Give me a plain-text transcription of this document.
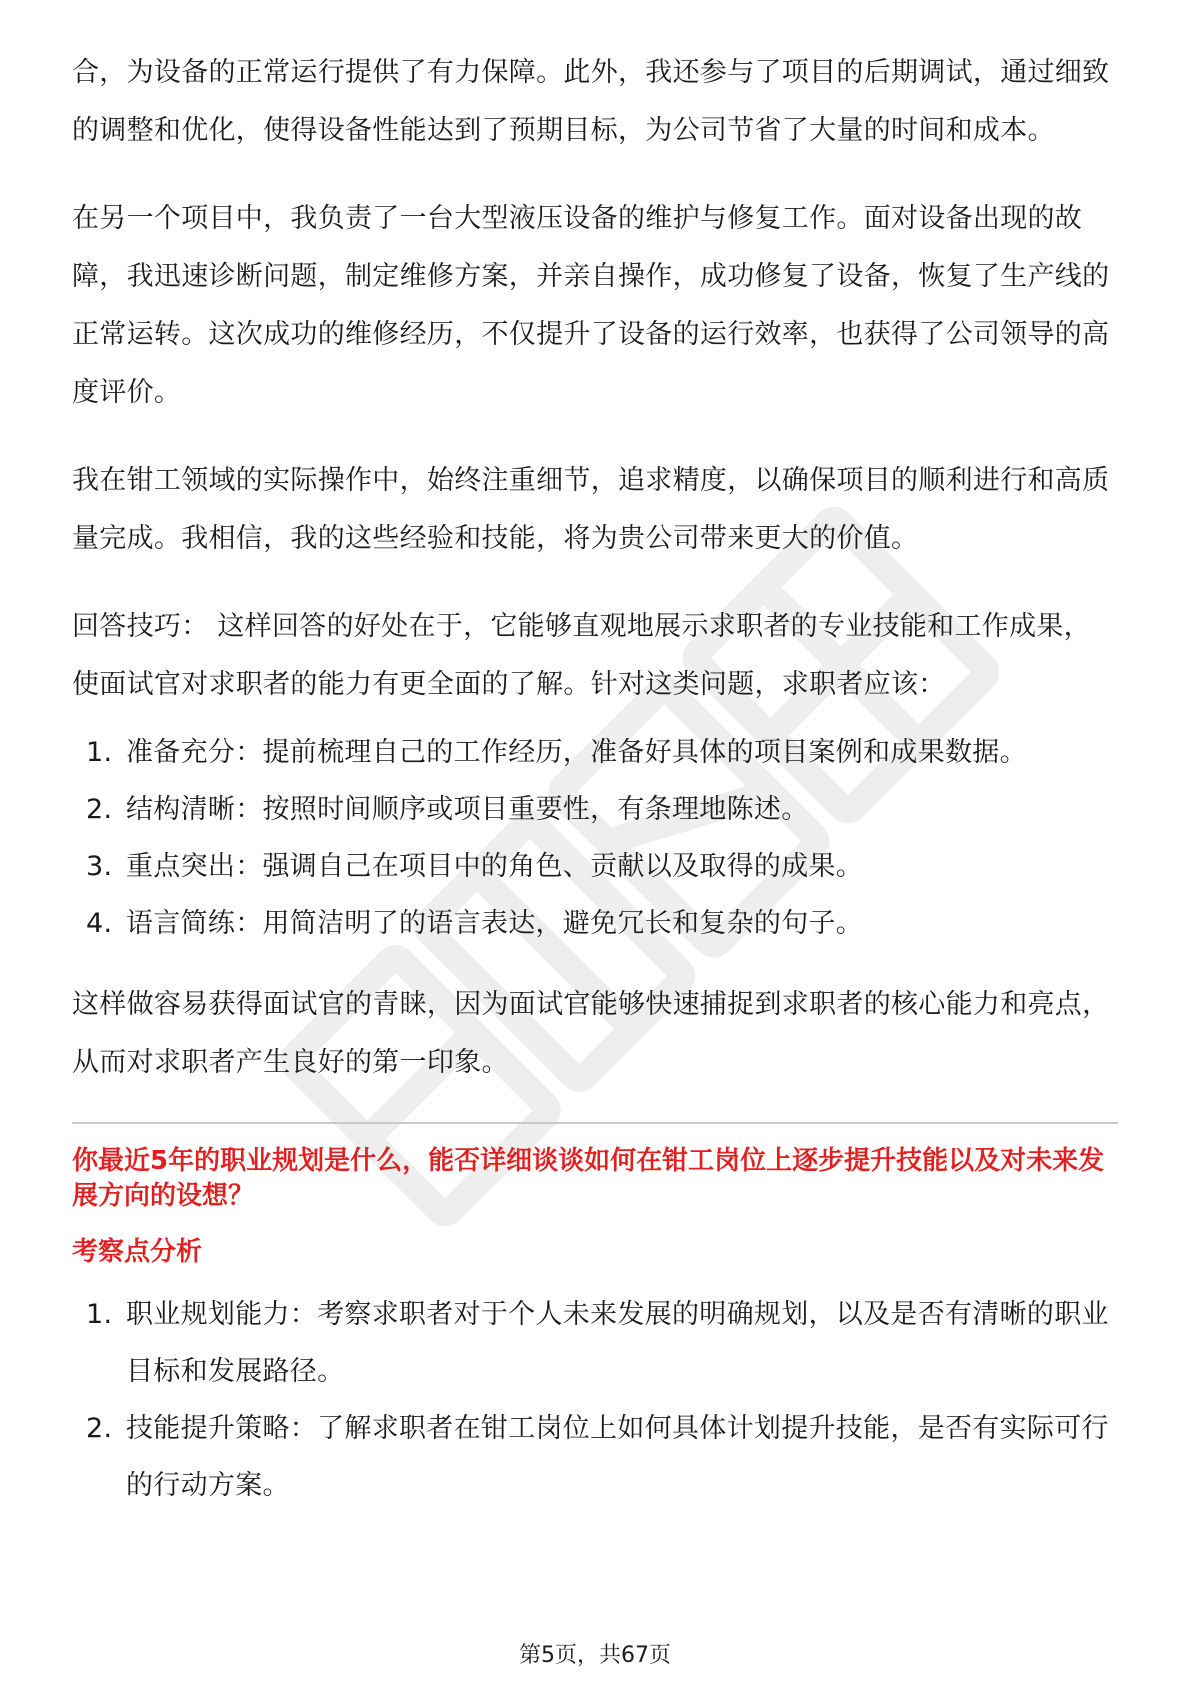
合，为设备的正常运行提供了有力保障。此外，我还参与了项目的后期调试，通过细致的调整和优化，使得设备性能达到了预期目标，为公司节省了大量的时间和成本。

在另一个项目中，我负责了一台大型液压设备的维护与修复工作。面对设备出现的故障，我迅速诊断问题，制定维修方案，并亲自操作，成功修复了设备，恢复了生产线的正常运转。这次成功的维修经历，不仅提升了设备的运行效率，也获得了公司领导的高度评价。

我在钳工领域的实际操作中，始终注重细节，追求精度，以确保项目的顺利进行和高质量完成。我相信，我的这些经验和技能，将为贵公司带来更大的价值。

回答技巧： 这样回答的好处在于，它能够直观地展示求职者的专业技能和工作成果，使面试官对求职者的能力有更全面的了解。针对这类问题，求职者应该：

1. 准备充分：提前梳理自己的工作经历，准备好具体的项目案例和成果数据。
2. 结构清晰：按照时间顺序或项目重要性，有条理地陈述。
3. 重点突出：强调自己在项目中的角色、贡献以及取得的成果。
4. 语言简练：用简洁明了的语言表达，避免冗长和复杂的句子。

这样做容易获得面试官的青睐，因为面试官能够快速捕捉到求职者的核心能力和亮点，从而对求职者产生良好的第一印象。

你最近5年的职业规划是什么，能否详细谈谈如何在钳工岗位上逐步提升技能以及对未来发展方向的设想？

考察点分析

1. 职业规划能力：考察求职者对于个人未来发展的明确规划，以及是否有清晰的职业目标和发展路径。
2. 技能提升策略：了解求职者在钳工岗位上如何具体计划提升技能，是否有实际可行的行动方案。
第5页，共67页
